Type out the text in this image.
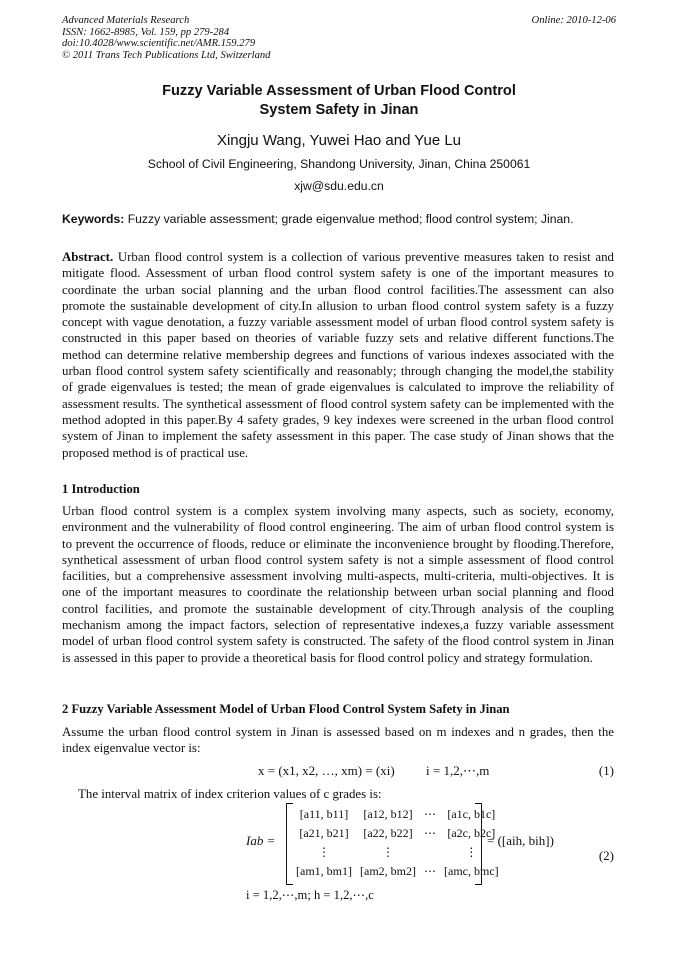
Advanced Materials Research
ISSN: 1662-8985, Vol. 159, pp 279-284
doi:10.4028/www.scientific.net/AMR.159.279
© 2011 Trans Tech Publications Ltd, Switzerland
Online: 2010-12-06
Fuzzy Variable Assessment of Urban Flood Control
System Safety in Jinan
Xingju Wang, Yuwei Hao and Yue Lu
School of Civil Engineering, Shandong University, Jinan, China 250061
xjw@sdu.edu.cn
Keywords: Fuzzy variable assessment; grade eigenvalue method; flood control system; Jinan.
Abstract. Urban flood control system is a collection of various preventive measures taken to resist and mitigate flood. Assessment of urban flood control system safety is one of the important measures to coordinate the urban social planning and the urban flood control facilities.The assessment can also promote the sustainable development of city.In allusion to urban flood control system safety is a fuzzy concept with vague denotation, a fuzzy variable assessment model of urban flood control system safety is constructed in this paper based on theories of variable fuzzy sets and relative different functions.The method can determine relative membership degrees and functions of various indexes associated with the urban flood control system safety scientifically and reasonably; through changing the model,the stability of grade eigenvalues is tested; the mean of grade eigenvalues is calculated to improve the reliability of assessment results. The synthetical assessment of flood control system safety can be implemented with the method adopted in this paper.By 4 safety grades, 9 key indexes were screened in the urban flood control system of Jinan to implement the safety assessment in this paper. The case study of Jinan shows that the proposed method is of practical use.
1 Introduction
Urban flood control system is a complex system involving many aspects, such as society, economy, environment and the vulnerability of flood control engineering. The aim of urban flood control system is to prevent the occurrence of floods, reduce or eliminate the inconvenience brought by flooding.Therefore, synthetical assessment of urban flood control system safety is not a simple assessment of flood control facilities, but a comprehensive assessment involving multi-aspects, multi-criteria, multi-objectives. It is one of the important measures to coordinate the relationship between urban social planning and flood control facilities, and promote the sustainable development of city.Through analysis of the coupling mechanism among the impact factors, selection of representative indexes,a fuzzy variable assessment model of urban flood control system safety is constructed. The safety of the flood control system in Jinan is assessed in this paper to provide a theoretical basis for flood control policy and strategy formulation.
2 Fuzzy Variable Assessment Model of Urban Flood Control System Safety in Jinan
Assume the urban flood control system in Jinan is assessed based on m indexes and n grades, then the index eigenvalue vector is:
x = (x1, x2, …, xm) = (xi) i = 1,2,⋯,m	(1)
The interval matrix of index criterion values of c grades is:
Iab =
[a11, b11]	[a12, b12]	⋯	[a1c, b1c]
[a21, b21]	[a22, b22]	⋯	[a2c, b2c]
⋮	⋮		⋮
[am1, bm1]	[am2, bm2]	⋯	[amc, bmc]
= ([aih, bih])
(2)
i = 1,2,⋯,m; h = 1,2,⋯,c
